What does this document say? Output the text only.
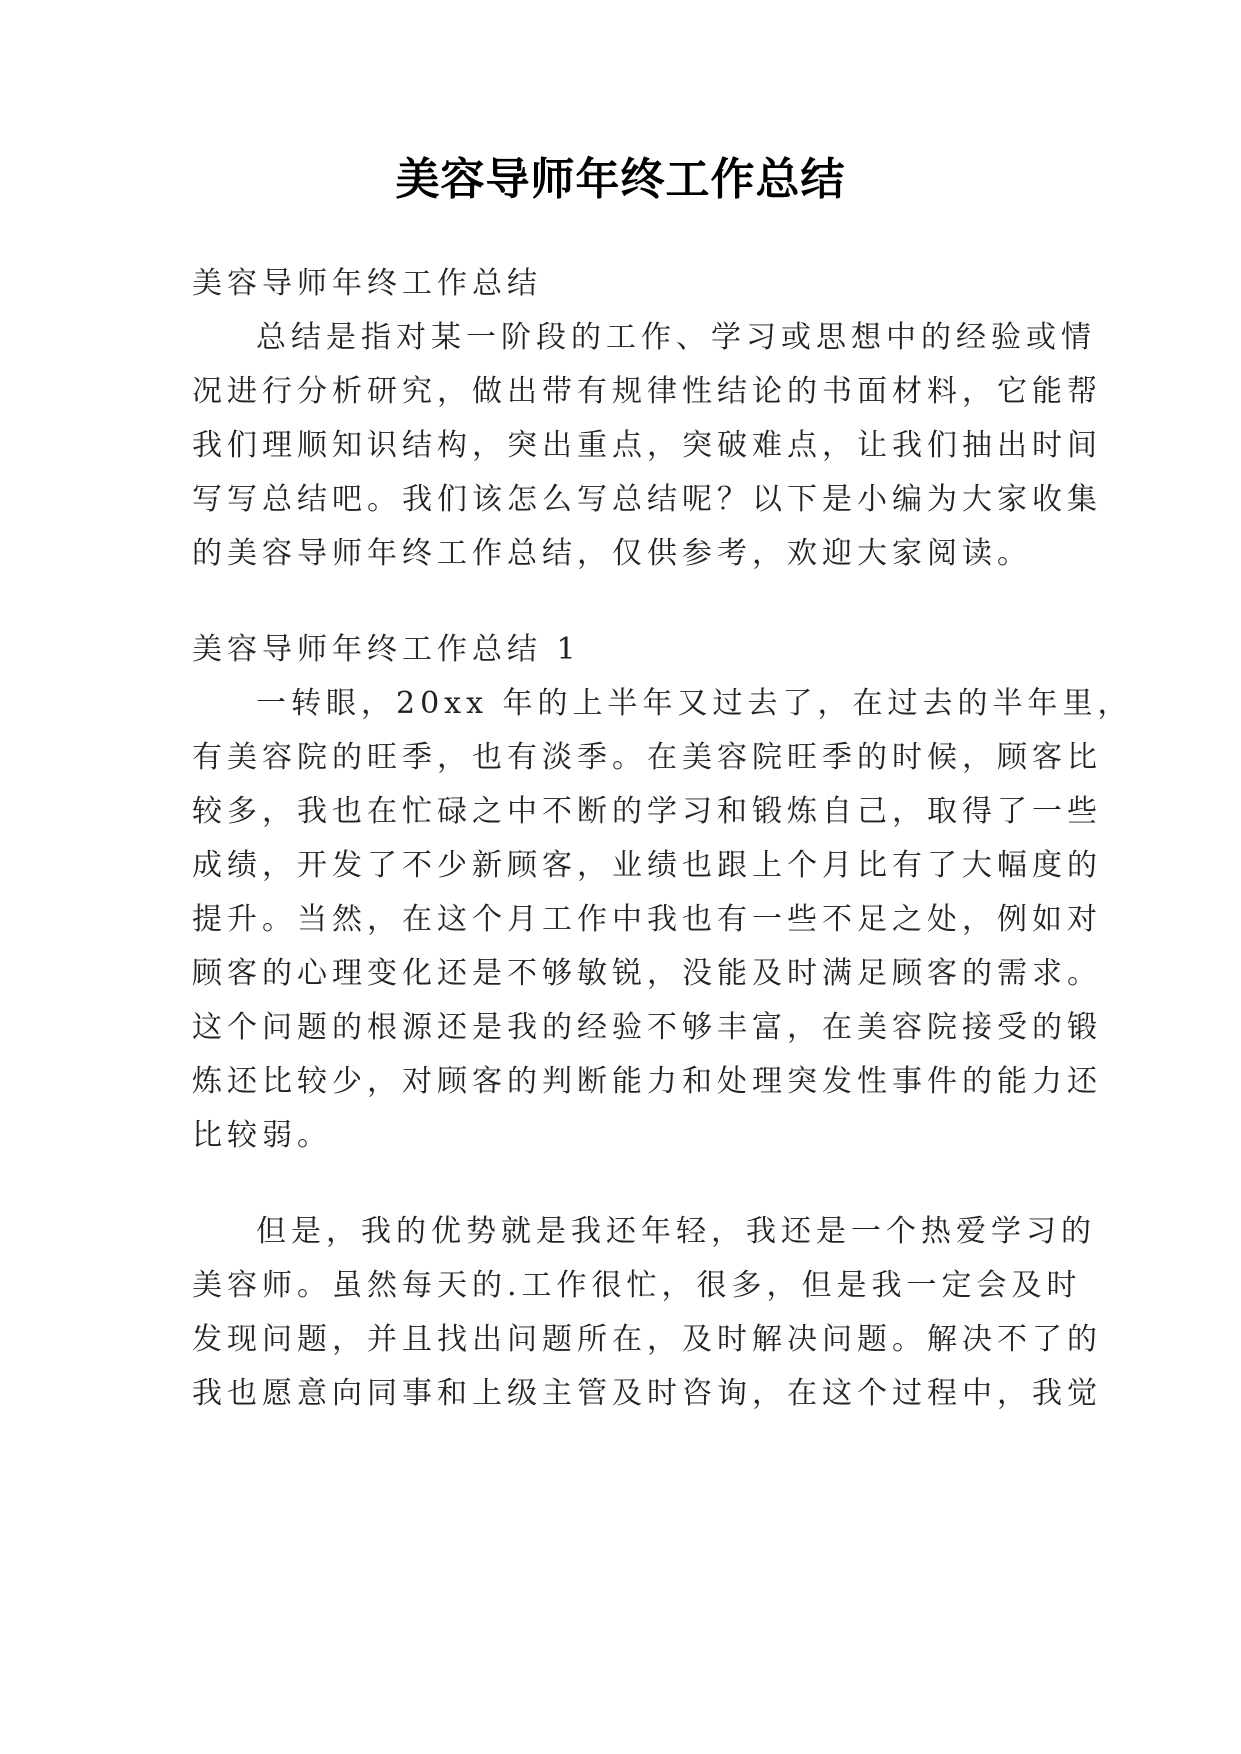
美容导师年终工作总结
美容导师年终工作总结
总结是指对某一阶段的工作、学习或思想中的经验或情
况进行分析研究，做出带有规律性结论的书面材料，它能帮
我们理顺知识结构，突出重点，突破难点，让我们抽出时间
写写总结吧。我们该怎么写总结呢？以下是小编为大家收集
的美容导师年终工作总结，仅供参考，欢迎大家阅读。
美容导师年终工作总结 1
一转眼，20xx 年的上半年又过去了，在过去的半年里，
有美容院的旺季，也有淡季。在美容院旺季的时候，顾客比
较多，我也在忙碌之中不断的学习和锻炼自己，取得了一些
成绩，开发了不少新顾客，业绩也跟上个月比有了大幅度的
提升。当然，在这个月工作中我也有一些不足之处，例如对
顾客的心理变化还是不够敏锐，没能及时满足顾客的需求。
这个问题的根源还是我的经验不够丰富，在美容院接受的锻
炼还比较少，对顾客的判断能力和处理突发性事件的能力还
比较弱。
但是，我的优势就是我还年轻，我还是一个热爱学习的
美容师。虽然每天的.工作很忙，很多，但是我一定会及时
发现问题，并且找出问题所在，及时解决问题。解决不了的
我也愿意向同事和上级主管及时咨询，在这个过程中，我觉
